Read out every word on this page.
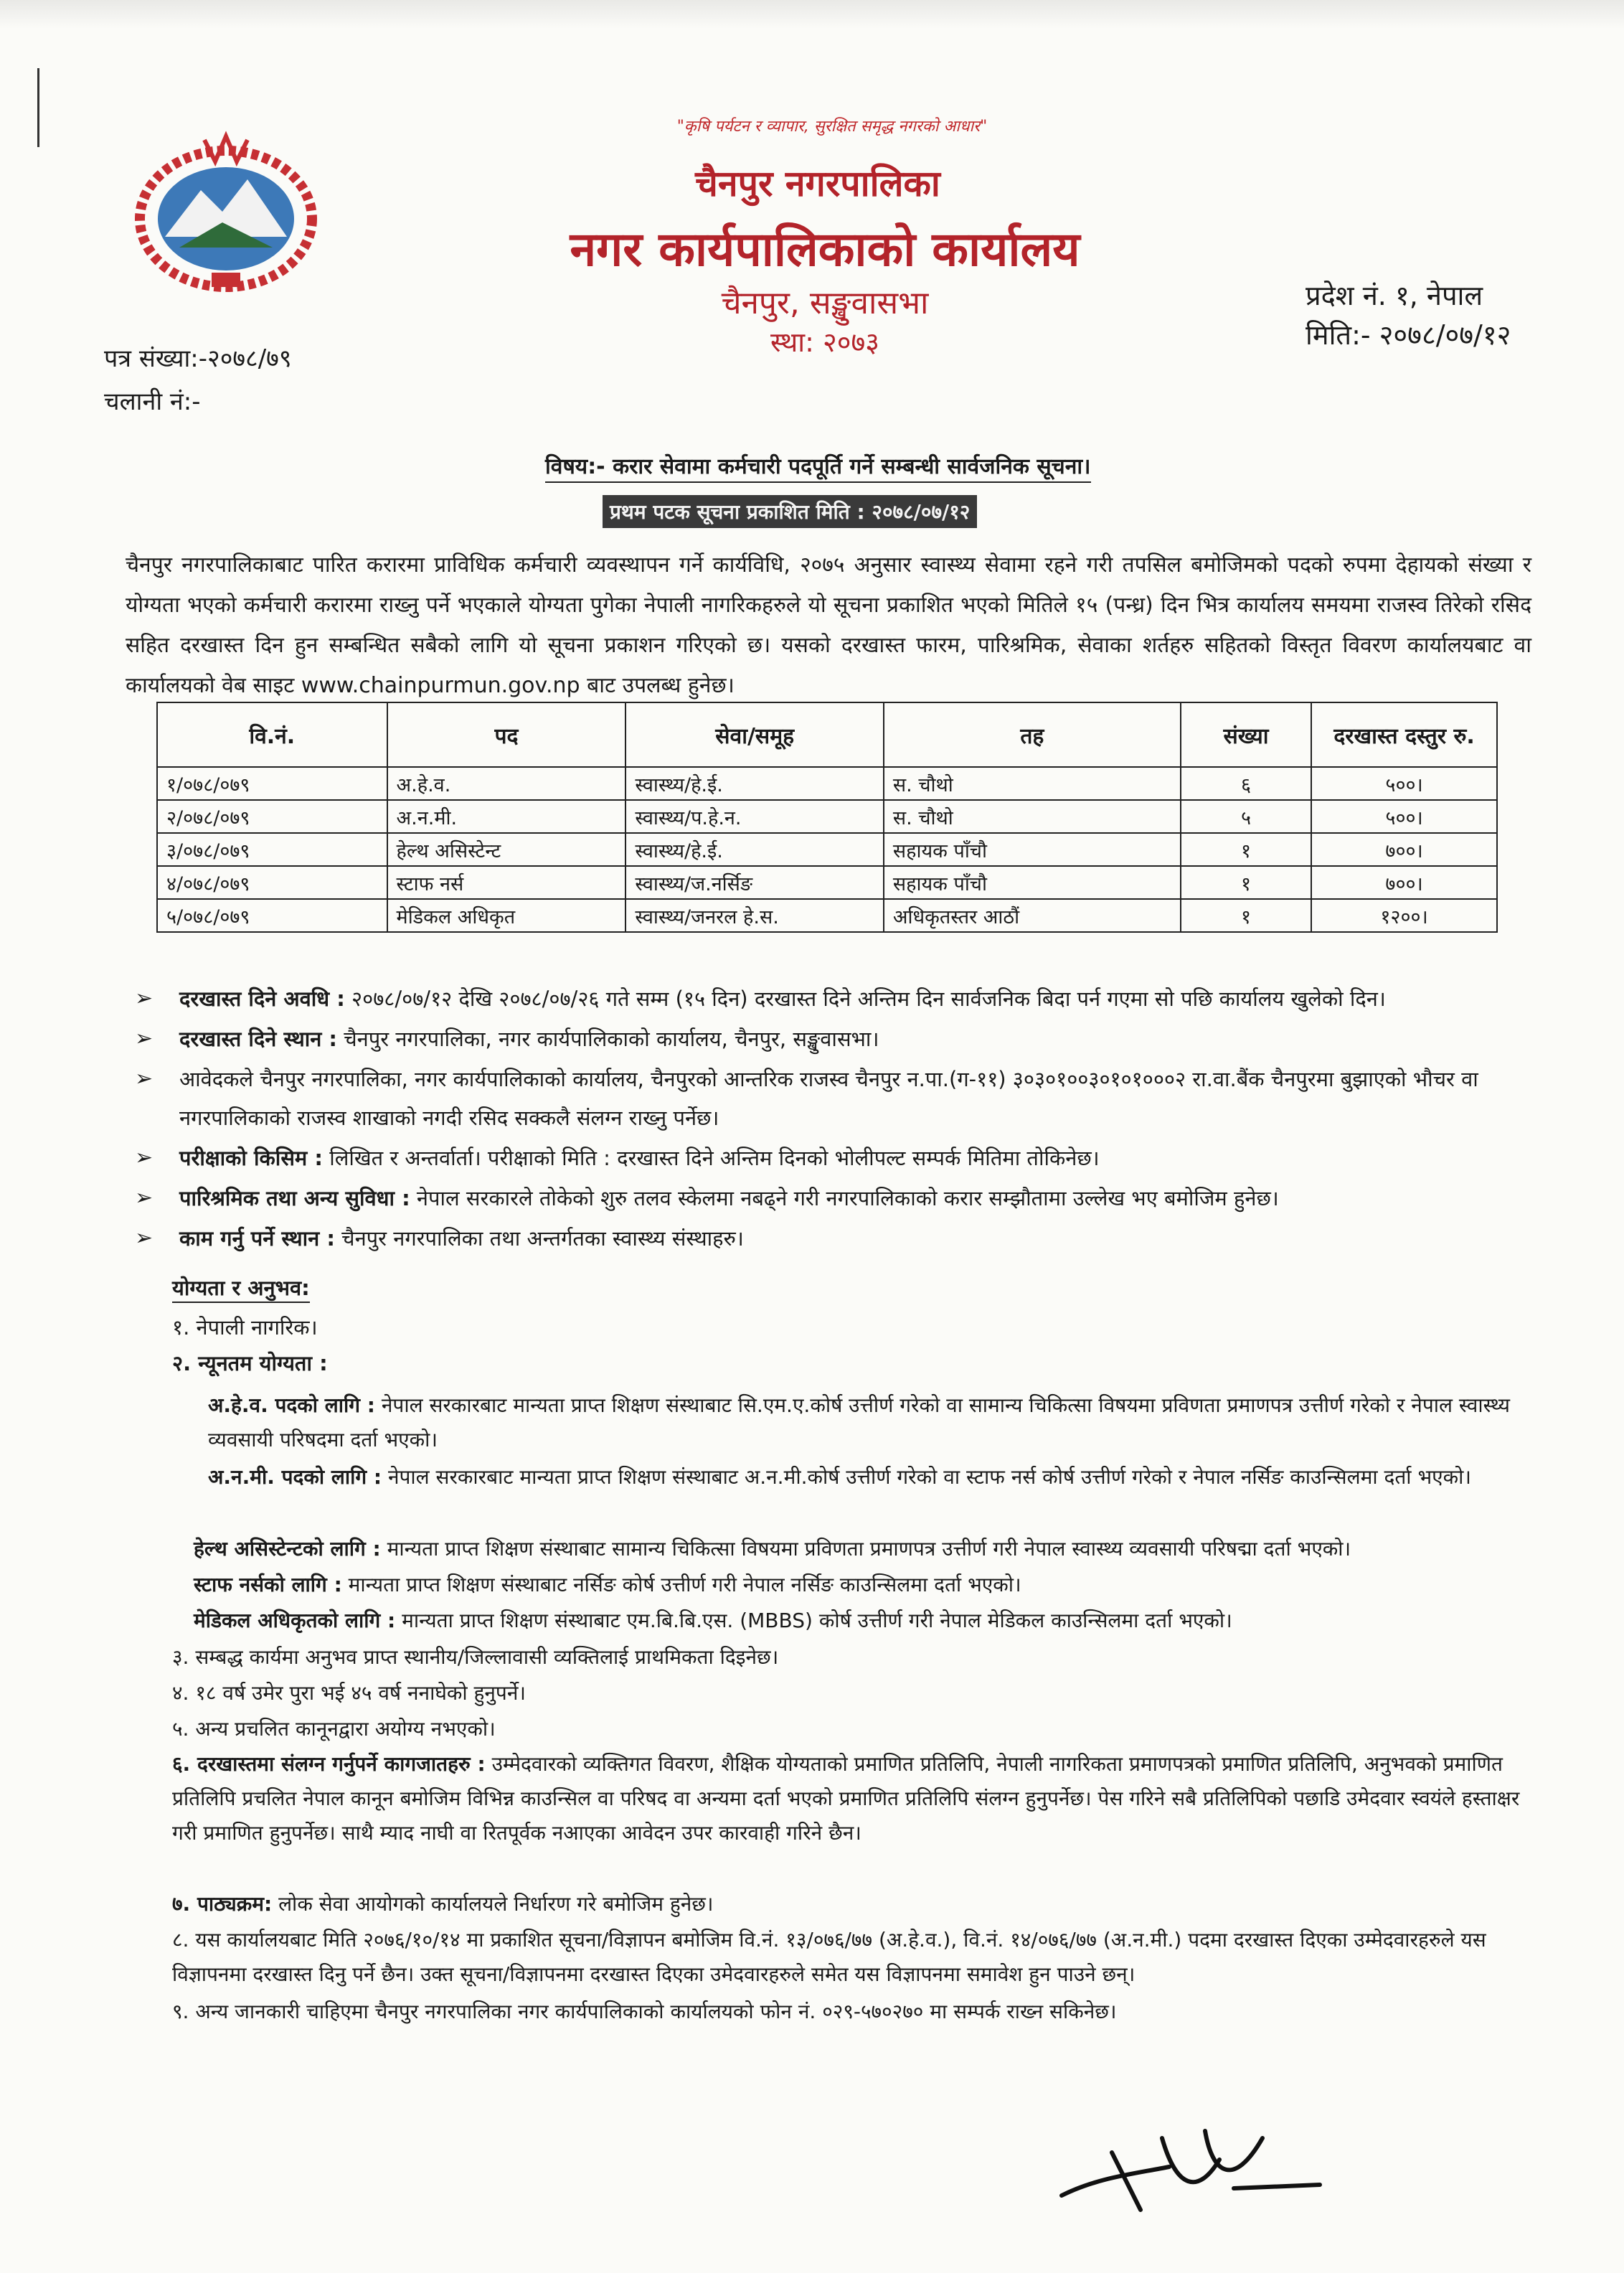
"कृषि पर्यटन र व्यापार, सुरक्षित समृद्ध नगरको आधार"
चैनपुर नगरपालिका
नगर कार्यपालिकाको कार्यालय
चैनपुर, सङ्खुवासभा
स्था: २०७३
प्रदेश नं. १, नेपाल
मिति:- २०७८/०७/१२
पत्र संख्या:-२०७८/७९
चलानी नं:-
विषय:- करार सेवामा कर्मचारी पदपूर्ति गर्ने सम्बन्धी सार्वजनिक सूचना।
प्रथम पटक सूचना प्रकाशित मिति : २०७८/०७/१२
चैनपुर नगरपालिकाबाट पारित करारमा प्राविधिक कर्मचारी व्यवस्थापन गर्ने कार्यविधि, २०७५ अनुसार स्वास्थ्य सेवामा रहने गरी तपसिल बमोजिमको पदको रुपमा देहायको संख्या र योग्यता भएको कर्मचारी करारमा राख्नु पर्ने भएकाले योग्यता पुगेका नेपाली नागरिकहरुले यो सूचना प्रकाशित भएको मितिले १५ (पन्ध्र) दिन भित्र कार्यालय समयमा राजस्व तिरेको रसिद सहित दरखास्त दिन हुन सम्बन्धित सबैको लागि यो सूचना प्रकाशन गरिएको छ। यसको दरखास्त फारम, पारिश्रमिक, सेवाका शर्तहरु सहितको विस्तृत विवरण कार्यालयबाट वा कार्यालयको वेब साइट www.chainpurmun.gov.np बाट उपलब्ध हुनेछ।
वि.नं.	पद	सेवा/समूह	तह	संख्या	दरखास्त दस्तुर रु.
१/०७८/०७९	अ.हे.व.	स्वास्थ्य/हे.ई.	स. चौथो	६	५००।
२/०७८/०७९	अ.न.मी.	स्वास्थ्य/प.हे.न.	स. चौथो	५	५००।
३/०७८/०७९	हेल्थ असिस्टेन्ट	स्वास्थ्य/हे.ई.	सहायक पाँचौ	१	७००।
४/०७८/०७९	स्टाफ नर्स	स्वास्थ्य/ज.नर्सिङ	सहायक पाँचौ	१	७००।
५/०७८/०७९	मेडिकल अधिकृत	स्वास्थ्य/जनरल हे.स.	अधिकृतस्तर आठौं	१	१२००।
➢ दरखास्त दिने अवधि : २०७८/०७/१२ देखि २०७८/०७/२६ गते सम्म (१५ दिन) दरखास्त दिने अन्तिम दिन सार्वजनिक बिदा पर्न गएमा सो पछि कार्यालय खुलेको दिन।
➢ दरखास्त दिने स्थान : चैनपुर नगरपालिका, नगर कार्यपालिकाको कार्यालय, चैनपुर, सङ्खुवासभा।
➢ आवेदकले चैनपुर नगरपालिका, नगर कार्यपालिकाको कार्यालय, चैनपुरको आन्तरिक राजस्व चैनपुर न.पा.(ग-११) ३०३०१००३०१०१०००२ रा.वा.बैंक चैनपुरमा बुझाएको भौचर वा नगरपालिकाको राजस्व शाखाको नगदी रसिद सक्कलै संलग्न राख्नु पर्नेछ।
➢ परीक्षाको किसिम : लिखित र अन्तर्वार्ता। परीक्षाको मिति : दरखास्त दिने अन्तिम दिनको भोलीपल्ट सम्पर्क मितिमा तोकिनेछ।
➢ पारिश्रमिक तथा अन्य सुविधा : नेपाल सरकारले तोकेको शुरु तलव स्केलमा नबढ्ने गरी नगरपालिकाको करार सम्झौतामा उल्लेख भए बमोजिम हुनेछ।
➢ काम गर्नु पर्ने स्थान : चैनपुर नगरपालिका तथा अन्तर्गतका स्वास्थ्य संस्थाहरु।
योग्यता र अनुभव:
१. नेपाली नागरिक।
२. न्यूनतम योग्यता :
अ.हे.व. पदको लागि : नेपाल सरकारबाट मान्यता प्राप्त शिक्षण संस्थाबाट सि.एम.ए.कोर्ष उत्तीर्ण गरेको वा सामान्य चिकित्सा विषयमा प्रविणता प्रमाणपत्र उत्तीर्ण गरेको र नेपाल स्वास्थ्य व्यवसायी परिषदमा दर्ता भएको।
अ.न.मी. पदको लागि : नेपाल सरकारबाट मान्यता प्राप्त शिक्षण संस्थाबाट अ.न.मी.कोर्ष उत्तीर्ण गरेको वा स्टाफ नर्स कोर्ष उत्तीर्ण गरेको र नेपाल नर्सिङ काउन्सिलमा दर्ता भएको।
हेल्थ असिस्टेन्टको लागि : मान्यता प्राप्त शिक्षण संस्थाबाट सामान्य चिकित्सा विषयमा प्रविणता प्रमाणपत्र उत्तीर्ण गरी नेपाल स्वास्थ्य व्यवसायी परिषद्मा दर्ता भएको।
स्टाफ नर्सको लागि : मान्यता प्राप्त शिक्षण संस्थाबाट नर्सिङ कोर्ष उत्तीर्ण गरी नेपाल नर्सिङ काउन्सिलमा दर्ता भएको।
मेडिकल अधिकृतको लागि : मान्यता प्राप्त शिक्षण संस्थाबाट एम.बि.बि.एस. (MBBS) कोर्ष उत्तीर्ण गरी नेपाल मेडिकल काउन्सिलमा दर्ता भएको।
३. सम्बद्ध कार्यमा अनुभव प्राप्त स्थानीय/जिल्लावासी व्यक्तिलाई प्राथमिकता दिइनेछ।
४. १८ वर्ष उमेर पुरा भई ४५ वर्ष ननाघेको हुनुपर्ने।
५. अन्य प्रचलित कानूनद्वारा अयोग्य नभएको।
६. दरखास्तमा संलग्न गर्नुपर्ने कागजातहरु : उम्मेदवारको व्यक्तिगत विवरण, शैक्षिक योग्यताको प्रमाणित प्रतिलिपि, नेपाली नागरिकता प्रमाणपत्रको प्रमाणित प्रतिलिपि, अनुभवको प्रमाणित प्रतिलिपि प्रचलित नेपाल कानून बमोजिम विभिन्न काउन्सिल वा परिषद वा अन्यमा दर्ता भएको प्रमाणित प्रतिलिपि संलग्न हुनुपर्नेछ। पेस गरिने सबै प्रतिलिपिको पछाडि उमेदवार स्वयंले हस्ताक्षर गरी प्रमाणित हुनुपर्नेछ। साथै म्याद नाघी वा रितपूर्वक नआएका आवेदन उपर कारवाही गरिने छैन।
७. पाठ्यक्रम: लोक सेवा आयोगको कार्यालयले निर्धारण गरे बमोजिम हुनेछ।
८. यस कार्यालयबाट मिति २०७६/१०/१४ मा प्रकाशित सूचना/विज्ञापन बमोजिम वि.नं. १३/०७६/७७ (अ.हे.व.), वि.नं. १४/०७६/७७ (अ.न.मी.) पदमा दरखास्त दिएका उम्मेदवारहरुले यस विज्ञापनमा दरखास्त दिनु पर्ने छैन। उक्त सूचना/विज्ञापनमा दरखास्त दिएका उमेदवारहरुले समेत यस विज्ञापनमा समावेश हुन पाउने छन्।
९. अन्य जानकारी चाहिएमा चैनपुर नगरपालिका नगर कार्यपालिकाको कार्यालयको फोन नं. ०२९-५७०२७० मा सम्पर्क राख्न सकिनेछ।
